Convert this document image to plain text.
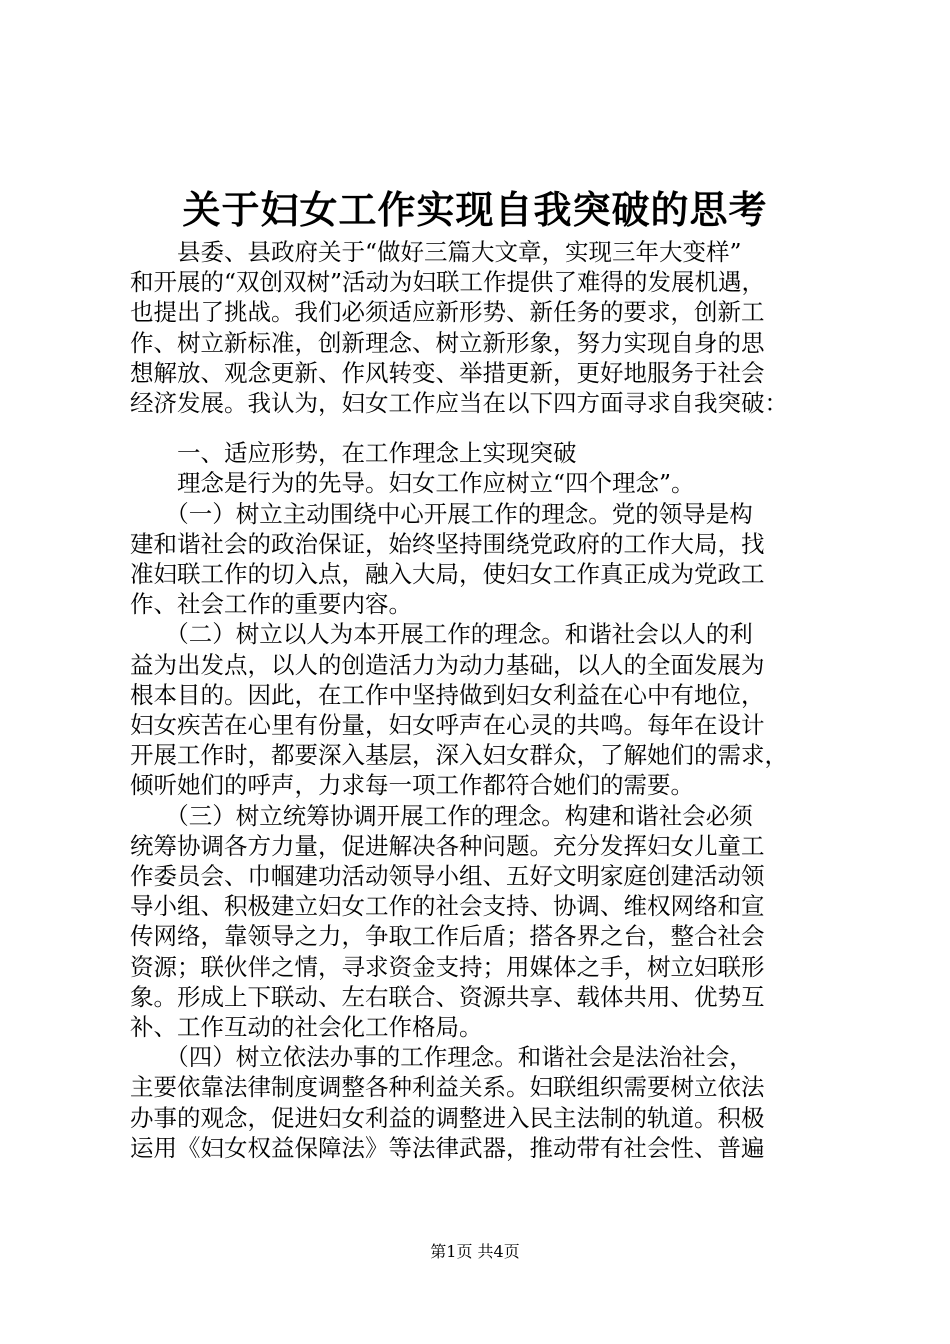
关于妇女工作实现自我突破的思考
　　县委、县政府关于“做好三篇大文章，实现三年大变样”
和开展的“双创双树”活动为妇联工作提供了难得的发展机遇，
也提出了挑战。我们必须适应新形势、新任务的要求，创新工
作、树立新标准，创新理念、树立新形象，努力实现自身的思
想解放、观念更新、作风转变、举措更新，更好地服务于社会
经济发展。我认为，妇女工作应当在以下四方面寻求自我突破：
　　一、适应形势，在工作理念上实现突破
　　理念是行为的先导。妇女工作应树立“四个理念”。
　　（一）树立主动围绕中心开展工作的理念。党的领导是构
建和谐社会的政治保证，始终坚持围绕党政府的工作大局，找
准妇联工作的切入点，融入大局，使妇女工作真正成为党政工
作、社会工作的重要内容。
　　（二）树立以人为本开展工作的理念。和谐社会以人的利
益为出发点，以人的创造活力为动力基础，以人的全面发展为
根本目的。因此，在工作中坚持做到妇女利益在心中有地位，
妇女疾苦在心里有份量，妇女呼声在心灵的共鸣。每年在设计
开展工作时，都要深入基层，深入妇女群众，了解她们的需求，
倾听她们的呼声，力求每一项工作都符合她们的需要。
　　（三）树立统筹协调开展工作的理念。构建和谐社会必须
统筹协调各方力量，促进解决各种问题。充分发挥妇女儿童工
作委员会、巾帼建功活动领导小组、五好文明家庭创建活动领
导小组、积极建立妇女工作的社会支持、协调、维权网络和宣
传网络，靠领导之力，争取工作后盾；搭各界之台，整合社会
资源；联伙伴之情，寻求资金支持；用媒体之手，树立妇联形
象。形成上下联动、左右联合、资源共享、载体共用、优势互
补、工作互动的社会化工作格局。
　　（四）树立依法办事的工作理念。和谐社会是法治社会，
主要依靠法律制度调整各种利益关系。妇联组织需要树立依法
办事的观念，促进妇女利益的调整进入民主法制的轨道。积极
运用《妇女权益保障法》等法律武器，推动带有社会性、普遍
第1页 共4页
